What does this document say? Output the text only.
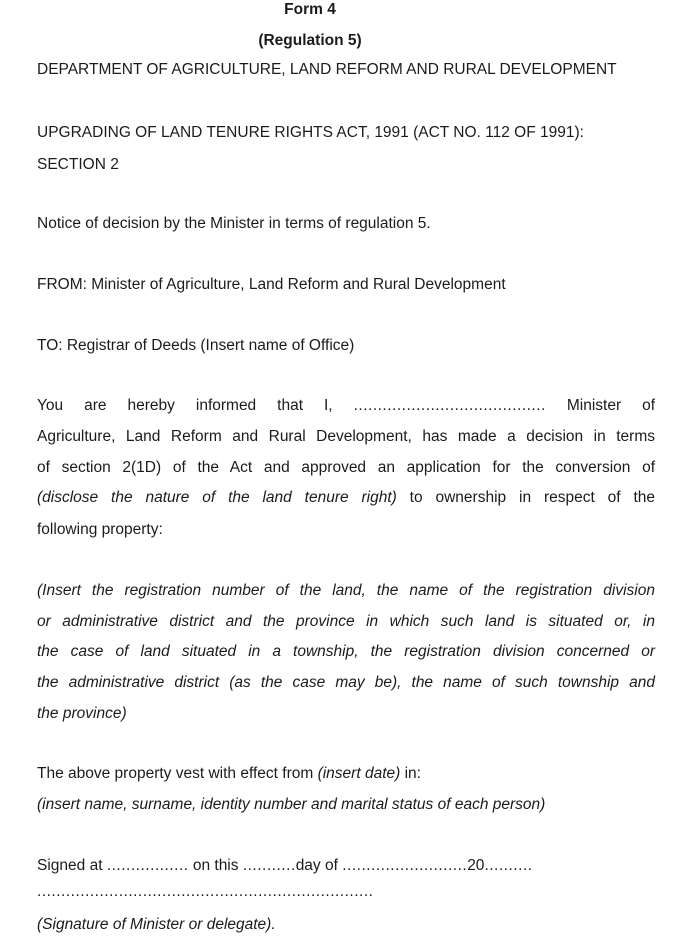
Form 4

(Regulation 5)

DEPARTMENT OF AGRICULTURE, LAND REFORM AND RURAL DEVELOPMENT

UPGRADING OF LAND TENURE RIGHTS ACT, 1991 (ACT NO. 112 OF 1991):

SECTION 2

Notice of decision by the Minister in terms of regulation 5.

FROM: Minister of Agriculture, Land Reform and Rural Development

TO: Registrar of Deeds (Insert name of Office)

You are hereby informed that I, ........................................ Minister of

Agriculture, Land Reform and Rural Development, has made a decision in terms

of section 2(1D) of the Act and approved an application for the conversion of

(disclose the nature of the land tenure right) to ownership in respect of the

following property:

(Insert the registration number of the land, the name of the registration division

or administrative district and the province in which such land is situated or, in

the case of land situated in a township, the registration division concerned or

the administrative district (as the case may be), the name of such township and

the province)

The above property vest with effect from (insert date) in:

(insert name, surname, identity number and marital status of each person)

Signed at ................. on this ...........day of ..........................20..........

......................................................................

(Signature of Minister or delegate).
